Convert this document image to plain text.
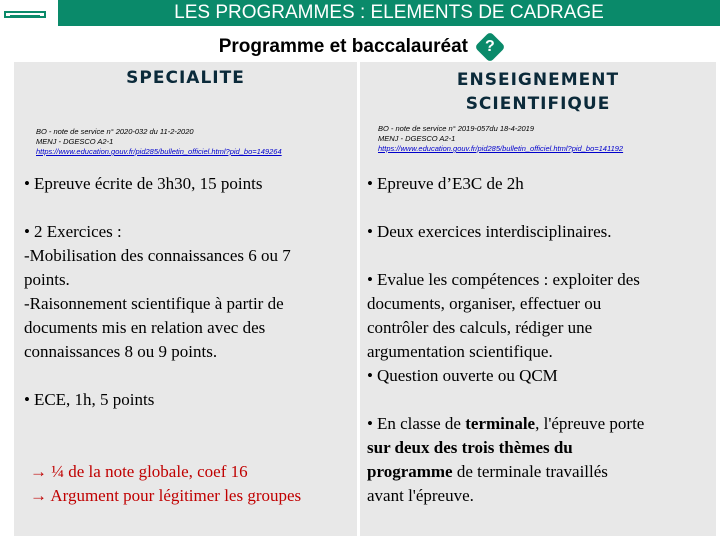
LES PROGRAMMES : ELEMENTS DE CADRAGE
Programme et baccalauréat ?
SPECIALITE
BO - note de service n° 2020-032 du 11-2-2020
MENJ - DGESCO A2-1
https://www.education.gouv.fr/pid285/bulletin_officiel.html?pid_bo=149264
• Epreuve écrite de 3h30, 15 points
• 2 Exercices :
-Mobilisation des connaissances 6 ou 7
points.
-Raisonnement scientifique à partir de
documents mis en relation avec des
connaissances 8 ou 9 points.
• ECE, 1h, 5 points
→ ¼ de la note globale, coef 16
→ Argument pour légitimer les groupes
ENSEIGNEMENT
SCIENTIFIQUE
BO - note de service n° 2019-057du 18-4-2019
MENJ - DGESCO A2-1
https://www.education.gouv.fr/pid285/bulletin_officiel.html?pid_bo=141192
• Epreuve d’E3C de 2h
• Deux exercices interdisciplinaires.
• Evalue les compétences : exploiter des
documents, organiser, effectuer ou
contrôler des calculs, rédiger une
argumentation scientifique.
• Question ouverte ou QCM
• En classe de terminale, l'épreuve porte
sur deux des trois thèmes du
programme de terminale travaillés
avant l'épreuve.
